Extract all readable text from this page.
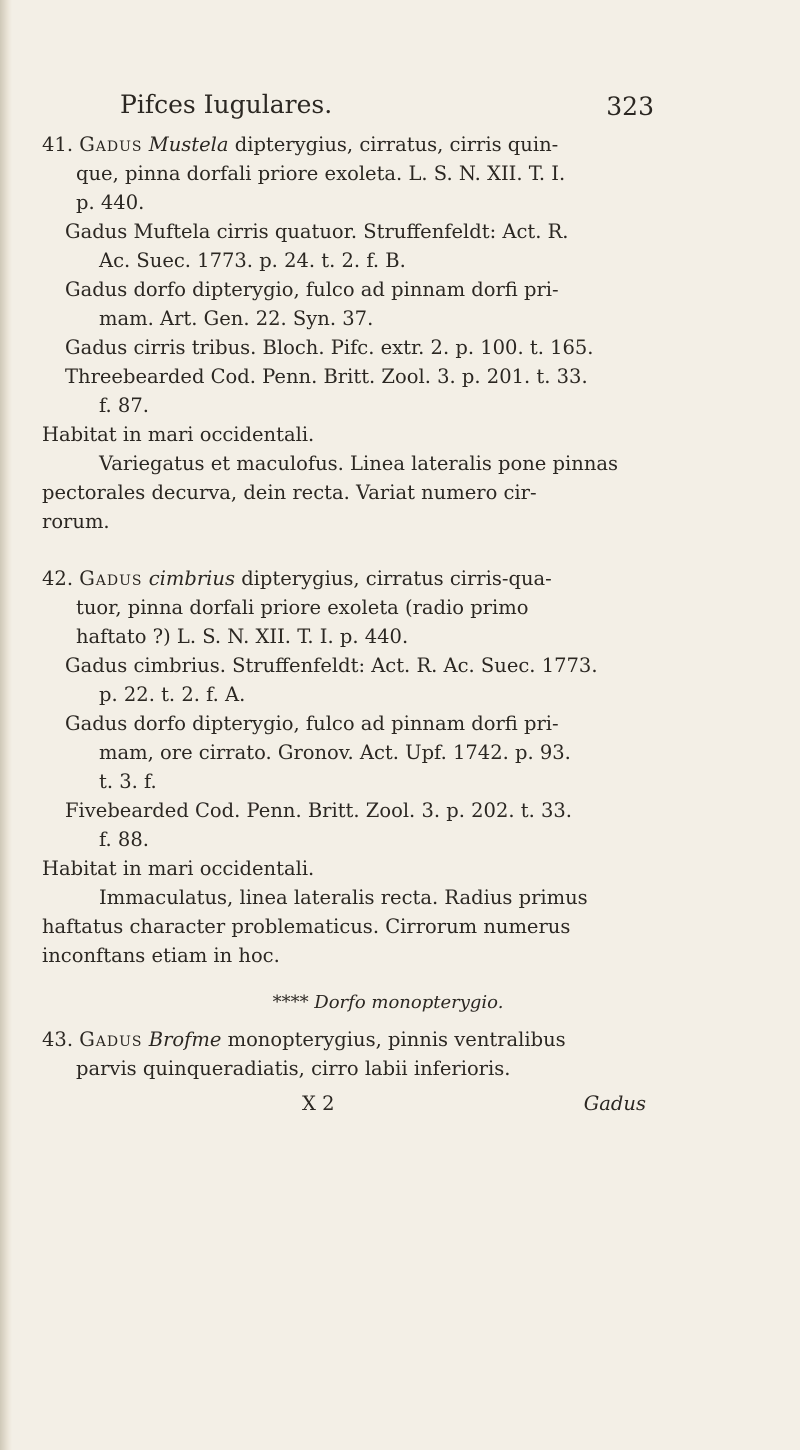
Pifces Iugulares.	323
41. Gadus Mustela dipterygius, cirratus, cirris quin-
que, pinna dorfali priore exoleta. L. S. N. XII. T. I.
p. 440.
Gadus Muftela cirris quatuor. Struffenfeldt: Act. R.
Ac. Suec. 1773. p. 24. t. 2. f. B.
Gadus dorfo dipterygio, fulco ad pinnam dorfi pri-
mam. Art. Gen. 22. Syn. 37.
Gadus cirris tribus. Bloch. Pifc. extr. 2. p. 100. t. 165.
Threebearded Cod. Penn. Britt. Zool. 3. p. 201. t. 33.
f. 87.
Habitat in mari occidentali.
Variegatus et maculofus. Linea lateralis pone pinnas
pectorales decurva, dein recta. Variat numero cir-
rorum.
42. Gadus cimbrius dipterygius, cirratus cirris-qua-
tuor, pinna dorfali priore exoleta (radio primo
haftato ?) L. S. N. XII. T. I. p. 440.
Gadus cimbrius. Struffenfeldt: Act. R. Ac. Suec. 1773.
p. 22. t. 2. f. A.
Gadus dorfo dipterygio, fulco ad pinnam dorfi pri-
mam, ore cirrato. Gronov. Act. Upf. 1742. p. 93.
t. 3. f.
Fivebearded Cod. Penn. Britt. Zool. 3. p. 202. t. 33.
f. 88.
Habitat in mari occidentali.
Immaculatus, linea lateralis recta. Radius primus
haftatus character problematicus. Cirrorum numerus
inconftans etiam in hoc.
**** Dorfo monopterygio.
43. Gadus Brofme monopterygius, pinnis ventralibus
parvis quinqueradiatis, cirro labii inferioris.
X 2	Gadus
